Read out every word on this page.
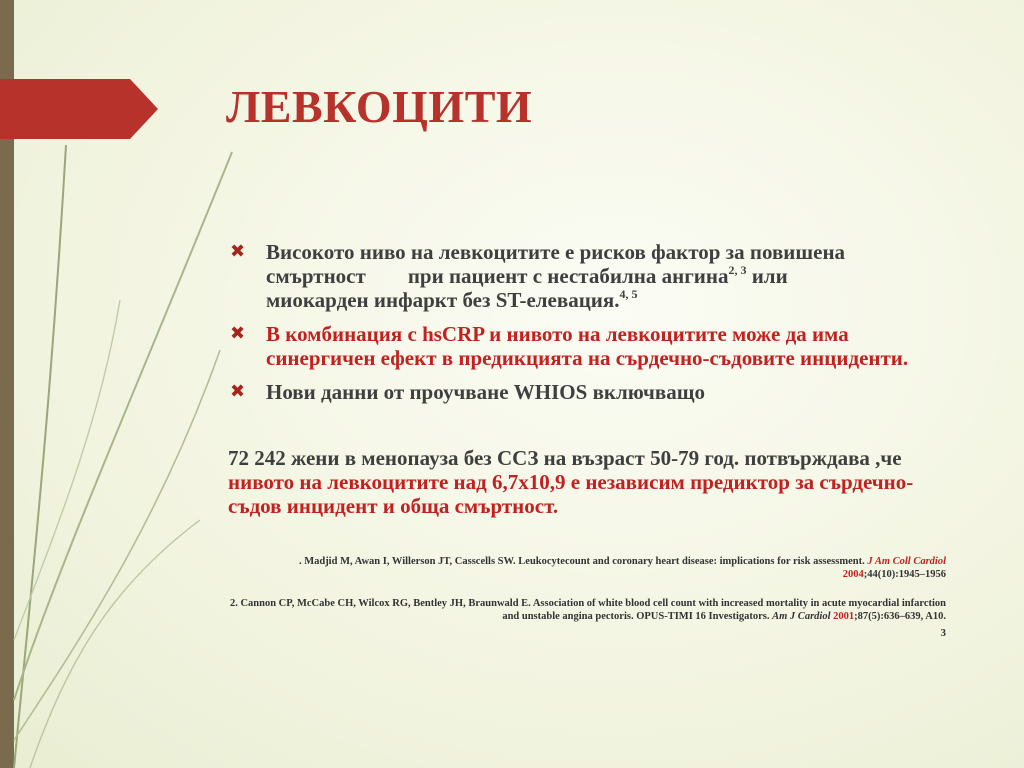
ЛЕВКОЦИТИ
✖ Високото ниво на левкоцитите е рисков фактор за повишена
смъртност при пациент с нестабилна ангина$^{2, 3}$ или
миокарден инфаркт без ST-елевация.$^{4, 5}$
✖ В комбинация с hsCRP и нивото на левкоцитите може да има синергичен ефект в предикцията на сърдечно-съдовите инциденти.
✖ Нови данни от проучване WHIOS включващо

72 242 жени в менопауза без ССЗ на възраст 50-79 год. потвърждава ,че нивото на левкоцитите над 6,7x10,9 е независим предиктор за сърдечно-съдов инцидент и обща смъртност.

. Madjid M, Awan I, Willerson JT, Casscells SW. Leukocytecount and coronary heart disease: implications for risk assessment. J Am Coll Cardiol
2004;44(10):1945–1956

2. Cannon CP, McCabe CH, Wilcox RG, Bentley JH, Braunwald E. Association of white blood cell count with increased mortality in acute myocardial infarction and unstable angina pectoris. OPUS-TIMI 16 Investigators. Am J Cardiol 2001;87(5):636–639, A10.

3
